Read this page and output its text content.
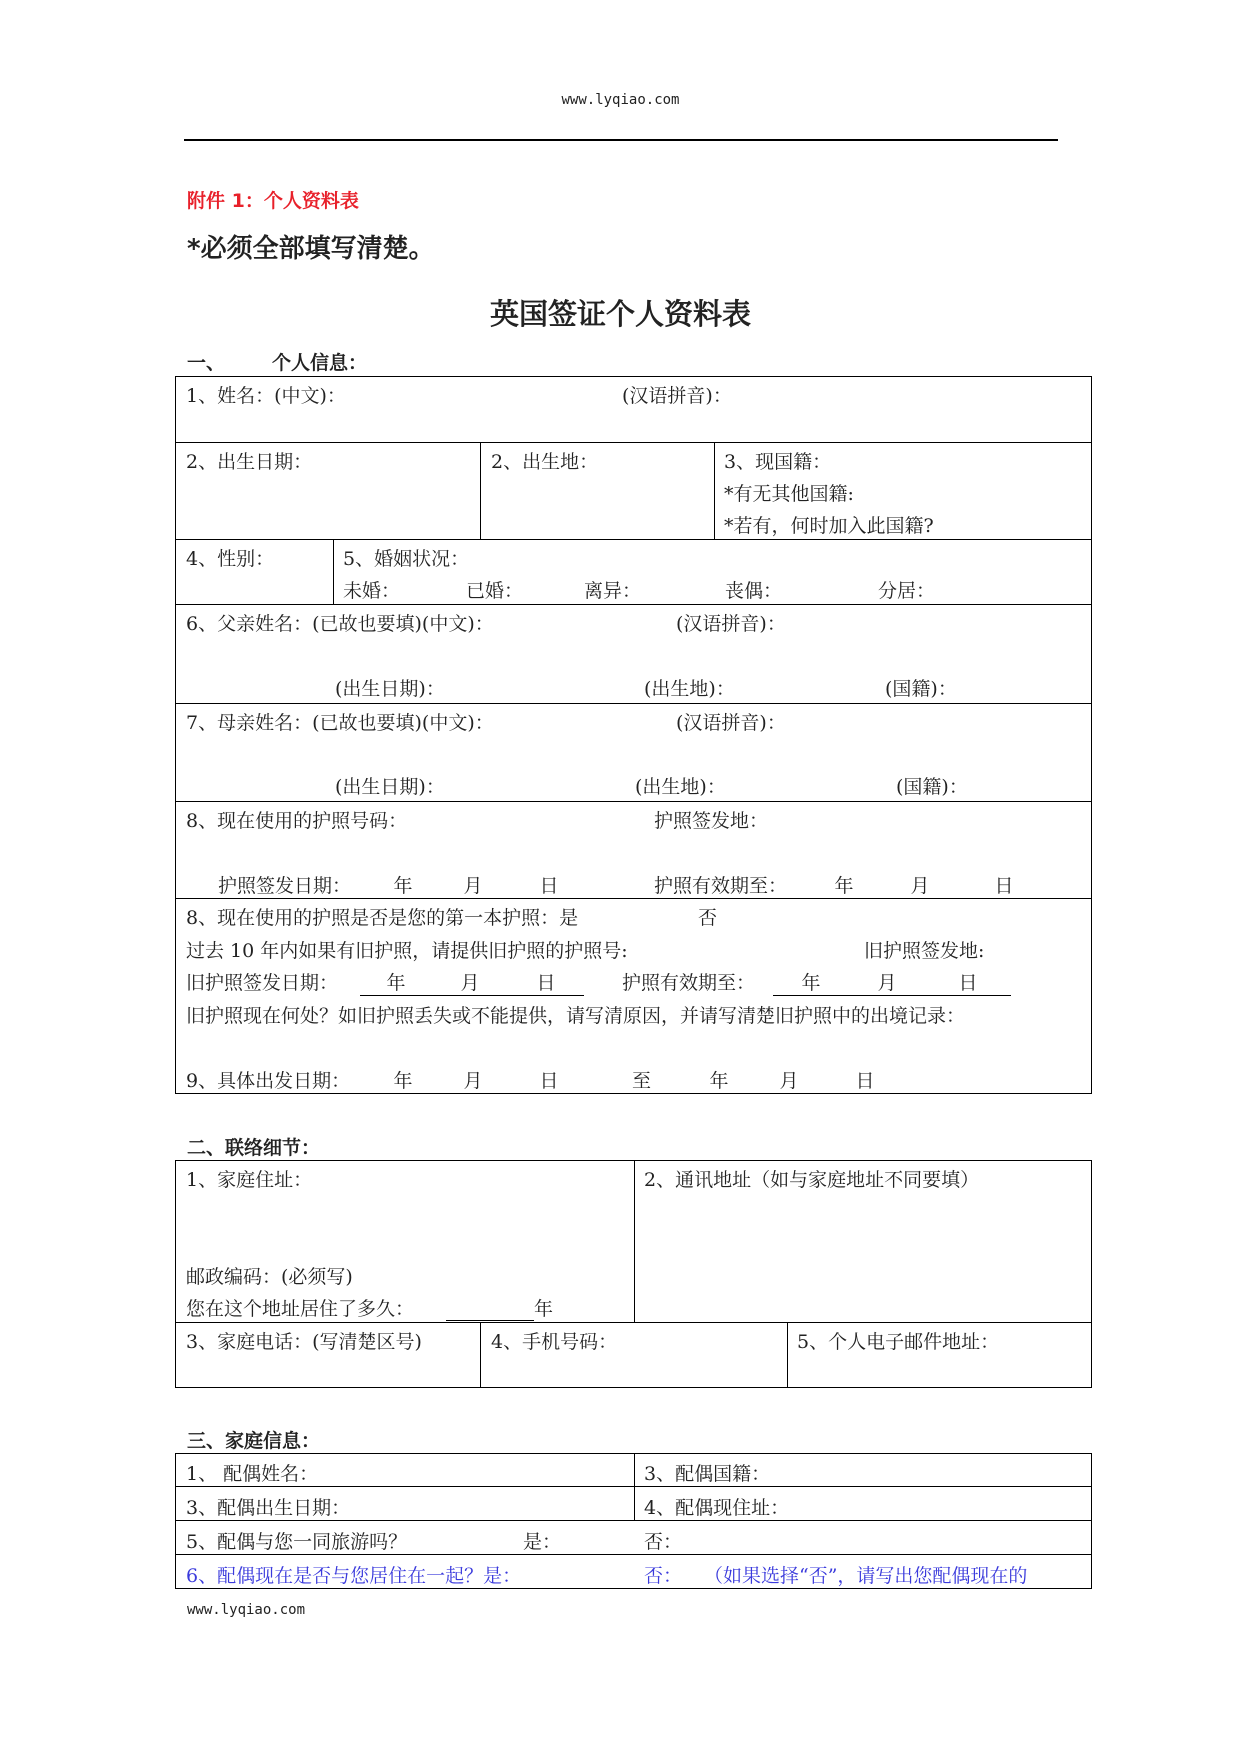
www.lyqiao.com
附件 1：个人资料表
*必须全部填写清楚。
英国签证个人资料表
一、 个人信息：
1、姓名：(中文)：	(汉语拼音)：
2、出生日期：	2、出生地：	3、现国籍：
*有无其他国籍:
*若有，何时加入此国籍?
4、性别：	5、婚姻状况：
未婚：	已婚：	离异：	丧偶：	分居：
6、父亲姓名：(已故也要填)(中文)：	(汉语拼音)：
(出生日期)：	(出生地)：	(国籍)：
7、母亲姓名：(已故也要填)(中文)：	(汉语拼音)：
(出生日期)：	(出生地)：	(国籍)：
8、现在使用的护照号码：	护照签发地：
护照签发日期：	年	月	日	护照有效期至：	年	月	日
8、现在使用的护照是否是您的第一本护照：是	否
过去 10 年内如果有旧护照，请提供旧护照的护照号:	旧护照签发地:
旧护照签发日期：	年	月	日	护照有效期至：	年	月	日
旧护照现在何处？如旧护照丢失或不能提供，请写清原因，并请写清楚旧护照中的出境记录：
9、具体出发日期：	年	月	日	至	年	月	日
二、联络细节：
1、家庭住址：	2、通讯地址（如与家庭地址不同要填）
邮政编码：(必须写)
您在这个地址居住了多久：	年
3、家庭电话：(写清楚区号)	4、手机号码：	5、个人电子邮件地址：
三、家庭信息：
1、 配偶姓名：	3、配偶国籍：
3、配偶出生日期：	4、配偶现住址：
5、配偶与您一同旅游吗？	是：	否：
6、配偶现在是否与您居住在一起？是：	否： （如果选择“否”，请写出您配偶现在的
www.lyqiao.com
